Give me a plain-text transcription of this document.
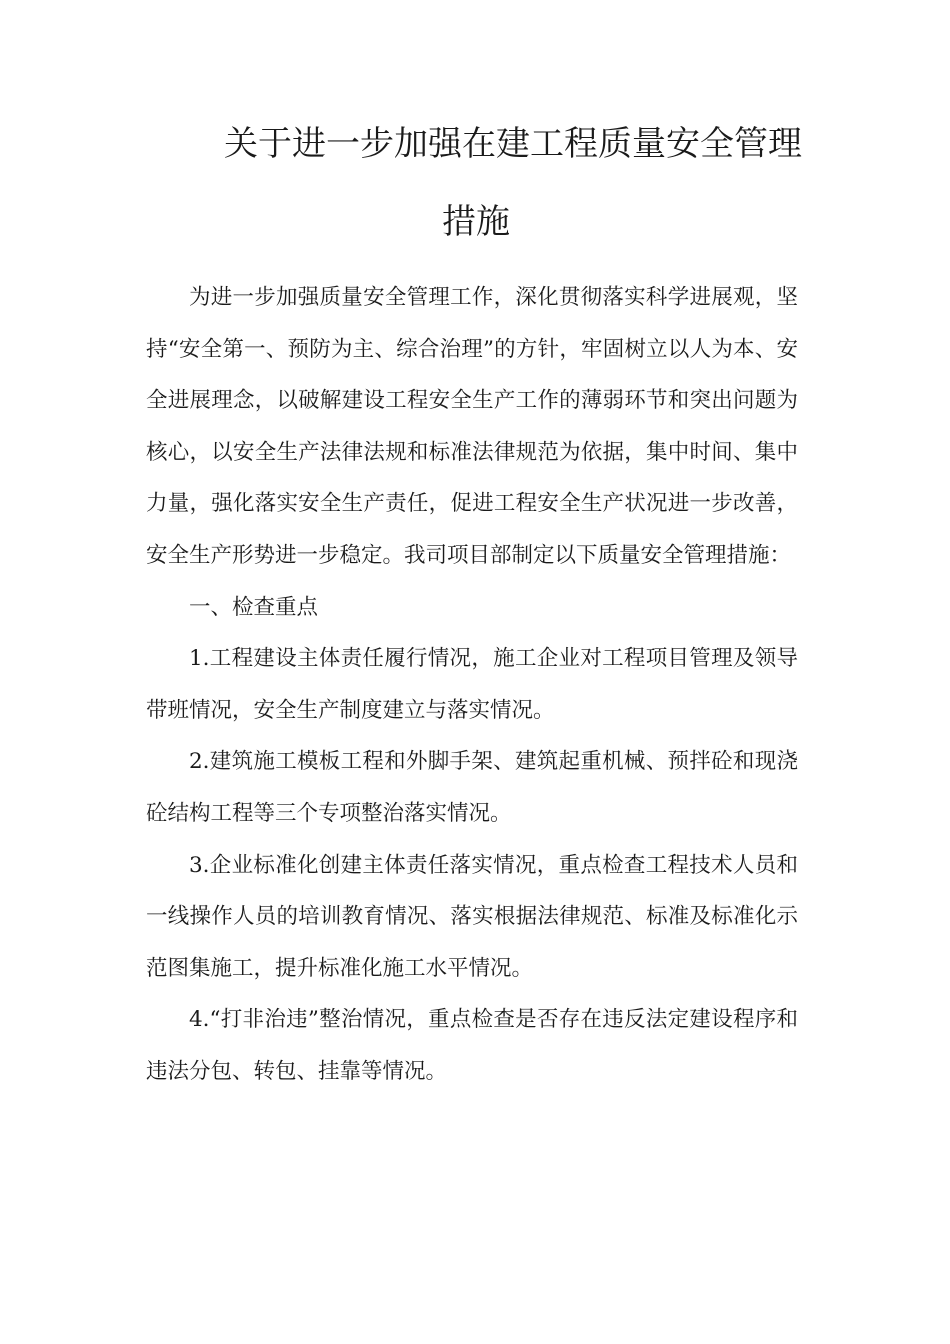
关于进一步加强在建工程质量安全管理
措施

为进一步加强质量安全管理工作，深化贯彻落实科学进展观，坚持“安全第一、预防为主、综合治理”的方针，牢固树立以人为本、安全进展理念，以破解建设工程安全生产工作的薄弱环节和突出问题为核心，以安全生产法律法规和标准法律规范为依据，集中时间、集中力量，强化落实安全生产责任，促进工程安全生产状况进一步改善，安全生产形势进一步稳定。我司项目部制定以下质量安全管理措施：

一、检查重点

1.工程建设主体责任履行情况，施工企业对工程项目管理及领导带班情况，安全生产制度建立与落实情况。

2.建筑施工模板工程和外脚手架、建筑起重机械、预拌砼和现浇砼结构工程等三个专项整治落实情况。

3.企业标准化创建主体责任落实情况，重点检查工程技术人员和一线操作人员的培训教育情况、落实根据法律规范、标准及标准化示范图集施工，提升标准化施工水平情况。

4.“打非治违”整治情况，重点检查是否存在违反法定建设程序和违法分包、转包、挂靠等情况。
